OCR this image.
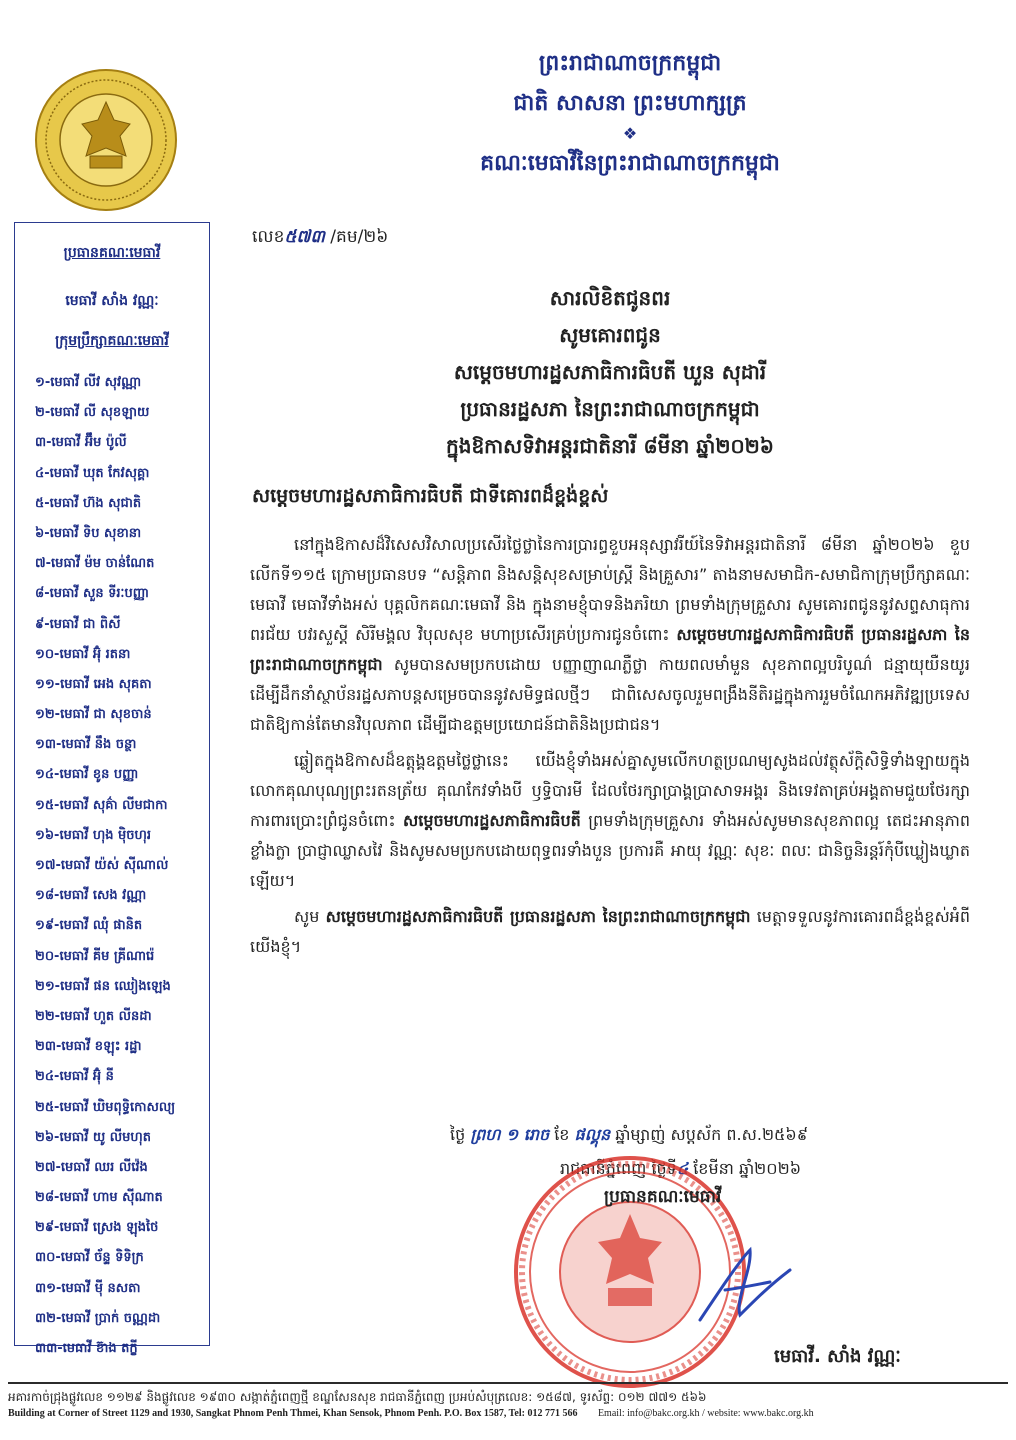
ព្រះរាជាណាចក្រកម្ពុជា
ជាតិ សាសនា ព្រះមហាក្សត្រ
❖
គណៈមេធាវីនៃព្រះរាជាណាចក្រកម្ពុជា
ប្រធានគណៈមេធាវី
មេធាវី សាំង វណ្ណៈ
ក្រុមប្រឹក្សាគណៈមេធាវី
១-មេធាវី លីវ សុវណ្ណា
២-មេធាវី លី សុខឡាយ
៣-មេធាវី អ៊ឹម ប៉ូលី
៤-មេធាវី ឃុត កែវសុគ្គា
៥-មេធាវី ហ៊ង សុជាតិ
៦-មេធាវី ទិប សុខានា
៧-មេធាវី ម៉ម ចាន់ណែត
៨-មេធាវី សួន ទីរៈបញ្ញា
៩-មេធាវី ជា ពិសី
១០-មេធាវី អ៊ុំ រតនា
១១-មេធាវី អេង សុគតា
១២-មេធាវី ជា សុខចាន់
១៣-មេធាវី នឹង ចន្ថា
១៤-មេធាវី ខូន បញ្ញា
១៥-មេធាវី សុគ៌ា លីមជាកា
១៦-មេធាវី ហុង ម៉ិចហុរ
១៧-មេធាវី យ៉ស់ ស៊ីណាល់
១៨-មេធាវី សេង វណ្ណា
១៩-មេធាវី ឈុំ ផានិត
២០-មេធាវី គីម គ្រីណារ៉េ
២១-មេធាវី ផន ឈៀងឡេង
២២-មេធាវី ហួត លីនដា
២៣-មេធាវី ខឡុះ រដ្ឋា
២៤-មេធាវី អ៊ុំ នី
២៥-មេធាវី ឃិមពុទ្ធិកោសល្យ
២៦-មេធាវី យូ លីមហុត
២៧-មេធាវី ឈរ លីវ៉េង
២៨-មេធាវី ហាម ស៊ីណាត
២៩-មេធាវី ស្រេង ឡុងថៃ
៣០-មេធាវី ច័ន្ទ ទិទិក្រ
៣១-មេធាវី ម៉ី នសតា
៣២-មេធាវី ប្រាក់ ចណ្ណដា
៣៣-មេធាវី ខ៊ាង តក្ខី
លេខ៥៧៣ /គម/២៦
សារលិខិតជូនពរ
សូមគោរពជូន
សម្តេចមហារដ្ឋសភាធិការធិបតី ឃួន សុដារី
ប្រធានរដ្ឋសភា នៃព្រះរាជាណាចក្រកម្ពុជា
ក្នុងឱកាសទិវាអន្តរជាតិនារី ៨មីនា ឆ្នាំ២០២៦
សម្តេចមហារដ្ឋសភាធិការធិបតី ជាទីគោរពដ៏ខ្ពង់ខ្ពស់

នៅក្នុងឱកាសដ៏វិសេសវិសាលប្រសើរថ្លៃថ្លានៃការប្រារព្ធខួបអនុស្សាវរីយ៍នៃទិវាអន្តរជាតិនារី ៨មីនា ឆ្នាំ២០២៦ ខួបលើកទី១១៥ ក្រោមប្រធានបទ “សន្តិភាព និងសន្តិសុខសម្រាប់ស្ត្រី និងគ្រួសារ” តាងនាមសមាជិក-សមាជិកាក្រុមប្រឹក្សាគណៈមេធាវី មេធាវីទាំងអស់ បុគ្គលិកគណៈមេធាវី និង ក្នុងនាមខ្ញុំបាទនិងភរិយា ព្រមទាំងក្រុមគ្រួសារ សូមគោរពជូននូវសព្ទសាធុការពរជ័យ បវរសួស្តី សិរីមង្គល វិបុលសុខ មហាប្រសើរគ្រប់ប្រការជូនចំពោះ សម្តេចមហារដ្ឋសភាធិការធិបតី ប្រធានរដ្ឋសភា នៃព្រះរាជាណាចក្រកម្ពុជា សូមបានសមប្រកបដោយ បញ្ញាញាណភ្លឺថ្លា កាយពលមាំមួន សុខភាពល្អបរិបូណ៌ ជន្មាយុយឺនយូរ ដើម្បីដឹកនាំស្ថាប័នរដ្ឋសភាបន្តសម្រេចបាននូវសមិទ្ធផលថ្មីៗ ជាពិសេសចូលរួមពង្រឹងនីតិរដ្ឋក្នុងការរួមចំណែកអភិវឌ្ឍប្រទេសជាតិឱ្យកាន់តែមានវិបុលភាព ដើម្បីជាឧត្តមប្រយោជន៍ជាតិនិងប្រជាជន។

ឆ្លៀតក្នុងឱកាសដ៏ឧត្តុង្គឧត្តមថ្លៃថ្លានេះ យើងខ្ញុំទាំងអស់គ្នាសូមលើកហត្ថប្រណម្យសូងដល់វត្ថុស័ក្តិសិទ្ធិទាំងឡាយក្នុងលោកគុណបុណ្យព្រះរតនត្រ័យ គុណកែវទាំងបី ឫទ្ធិបារមី ដែលថែរក្សាប្រាង្គប្រាសាទអង្គរ និងទេវតាគ្រប់អង្គតាមជួយថែរក្សាការពារប្រោះព្រំជូនចំពោះ សម្តេចមហារដ្ឋសភាធិការធិបតី ព្រមទាំងក្រុមគ្រួសារ ទាំងអស់សូមមានសុខភាពល្អ តេជះអានុភាពខ្លាំងក្លា ប្រាជ្ញាឈ្លាសវៃ និងសូមសមប្រកបដោយពុទ្ធពរទាំងបួន ប្រការគឺ អាយុ វណ្ណៈ សុខៈ ពលៈ ជានិច្ចនិរន្តរ៍កុំបីឃ្លៀងឃ្លាតឡើយ។

សូម សម្តេចមហារដ្ឋសភាធិការធិបតី ប្រធានរដ្ឋសភា នៃព្រះរាជាណាចក្រកម្ពុជា មេត្តាទទួលនូវការគោរពដ៏ខ្ពង់ខ្ពស់អំពីយើងខ្ញុំ។

ថ្ងៃ ព្រហ ១ រោច ខែ ផល្គុន ឆ្នាំម្សាញ់ សប្តស័ក ព.ស.២៥៦៩
រាជធានីភ្នំពេញ ថ្ងៃទី៤ ខែមីនា ឆ្នាំ២០២៦
ប្រធានគណៈមេធាវី
មេធាវី. សាំង វណ្ណៈ
អគារកាច់ជ្រុងផ្លូវលេខ ១១២៩ និងផ្លូវលេខ ១៩៣០ សង្កាត់ភ្នំពេញថ្មី ខណ្ឌសែនសុខ រាជធានីភ្នំពេញ ប្រអប់សំបុត្រលេខ: ១៥៨៧, ទូរស័ព្ទ: ០១២ ៧៧១ ៥៦៦
Building at Corner of Street 1129 and 1930, Sangkat Phnom Penh Thmei, Khan Sensok, Phnom Penh. P.O. Box 1587, Tel: 012 771 566 Email: info@bakc.org.kh / website: www.bakc.org.kh
